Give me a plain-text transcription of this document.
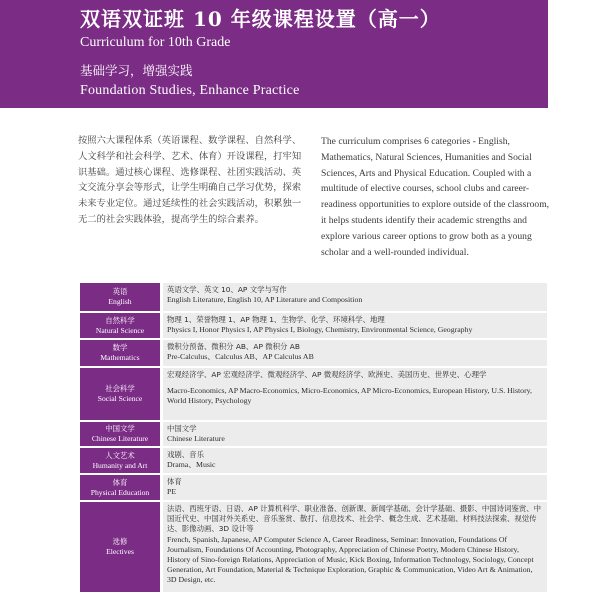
双语双证班 10 年级课程设置（高一）
Curriculum for 10th Grade
基础学习，增强实践
Foundation Studies, Enhance Practice
按照六大课程体系（英语课程、数学课程、自然科学、人文科学和社会科学、艺术、体育）开设课程，打牢知识基础。通过核心课程、选修课程、社团实践活动、英文交流分享会等形式，让学生明确自己学习优势，探索未来专业定位。通过延续性的社会实践活动，积累独一无二的社会实践体验，提高学生的综合素养。
The curriculum comprises 6 categories - English, Mathematics, Natural Sciences, Humanities and Social Sciences, Arts and Physical Education. Coupled with a multitude of elective courses, school clubs and career-readiness opportunities to explore outside of the classroom, it helps students identify their academic strengths and explore various career options to grow both as a young scholar and a well-rounded individual.
英语
English
英语文学、英文 10、AP 文学与写作
English Literature, English 10, AP Literature and Composition
自然科学
Natural Science
物理 1、荣誉物理 1、AP 物理 1、生物学、化学、环境科学、地理
Physics I, Honor Physics I, AP Physics I, Biology, Chemistry, Environmental Science, Geography
数学
Mathematics
微积分预备、微积分 AB、AP 微积分 AB
Pre-Calculus、Calculus AB、AP Calculus AB
社会科学
Social Science
宏观经济学、AP 宏观经济学、微观经济学、AP 微观经济学、欧洲史、美国历史、世界史、心理学
Macro-Economics, AP Macro-Economics, Micro-Economics, AP Micro-Economics, European History, U.S. History, World History, Psychology
中国文学
Chinese Literature
中国文学
Chinese Literature
人文艺术
Humanity and Art
戏剧、音乐
Drama、Music
体育
Physical Education
体育
PE
选修
Electives
法语、西班牙语、日语、AP 计算机科学、职业准备、创新课、新闻学基础、会计学基础、摄影、中国诗词鉴赏、中国近代史、中国对外关系史、音乐鉴赏、散打、信息技术、社会学、概念生成、艺术基础、材料技法探索、视觉传达、影像动画、3D 设计等
French, Spanish, Japanese, AP Computer Science A, Career Readiness, Seminar: Innovation, Foundations Of Journalism, Foundations Of Accounting, Photography, Appreciation of Chinese Poetry, Modern Chinese History, History of Sino-foreign Relations, Appreciation of Music, Kick Boxing, Information Technology, Sociology, Concept Generation, Art Foundation, Material & Technique Exploration, Graphic & Communication, Video Art & Animation, 3D Design, etc.
